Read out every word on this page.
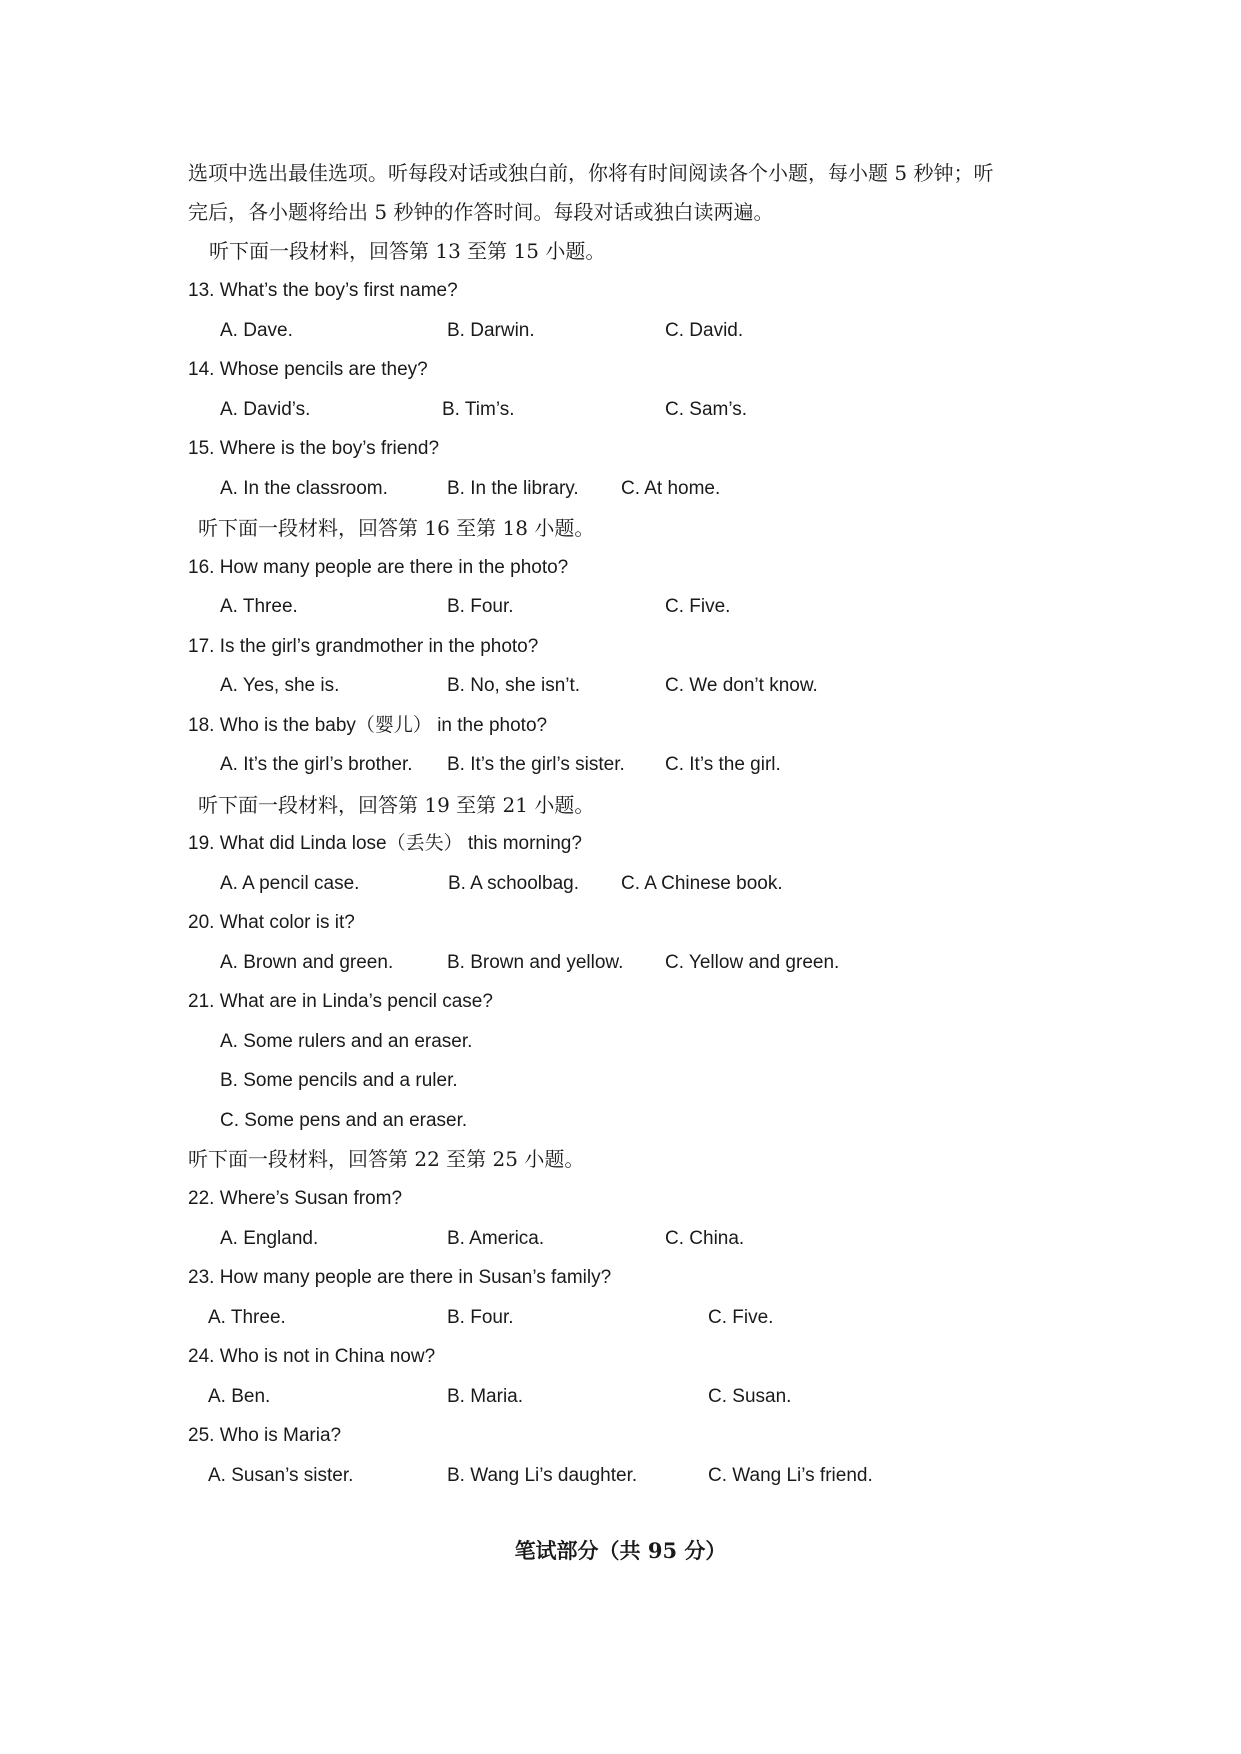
选项中选出最佳选项。听每段对话或独白前，你将有时间阅读各个小题，每小题 5 秒钟；听
完后，各小题将给出 5 秒钟的作答时间。每段对话或独白读两遍。
听下面一段材料，回答第 13 至第 15 小题。
13. What’s the boy’s first name?
A. Dave.	B. Darwin.	C. David.
14. Whose pencils are they?
A. David’s.	B. Tim’s.	C. Sam’s.
15. Where is the boy’s friend?
A. In the classroom.	B. In the library. C. At home.
听下面一段材料，回答第 16 至第 18 小题。
16. How many people are there in the photo?
A. Three.	B. Four.	C. Five.
17. Is the girl’s grandmother in the photo?
A. Yes, she is.	B. No, she isn’t.	C. We don’t know.
18. Who is the baby（婴儿） in the photo?
A. It’s the girl’s brother. B. It’s the girl’s sister. C. It’s the girl.
听下面一段材料，回答第 19 至第 21 小题。
19. What did Linda lose（丢失） this morning?
A. A pencil case.	B. A schoolbag. C. A Chinese book.
20. What color is it?
A. Brown and green.	B. Brown and yellow. C. Yellow and green.
21. What are in Linda’s pencil case?
A. Some rulers and an eraser.
B. Some pencils and a ruler.
C. Some pens and an eraser.
听下面一段材料，回答第 22 至第 25 小题。
22. Where’s Susan from?
A. England.	B. America.	C. China.
23. How many people are there in Susan’s family?
A. Three.	B. Four.	C. Five.
24. Who is not in China now?
A. Ben.	B. Maria.	C. Susan.
25. Who is Maria?
A. Susan’s sister.	B. Wang Li’s daughter.	C. Wang Li’s friend.
笔试部分（共 95 分）
